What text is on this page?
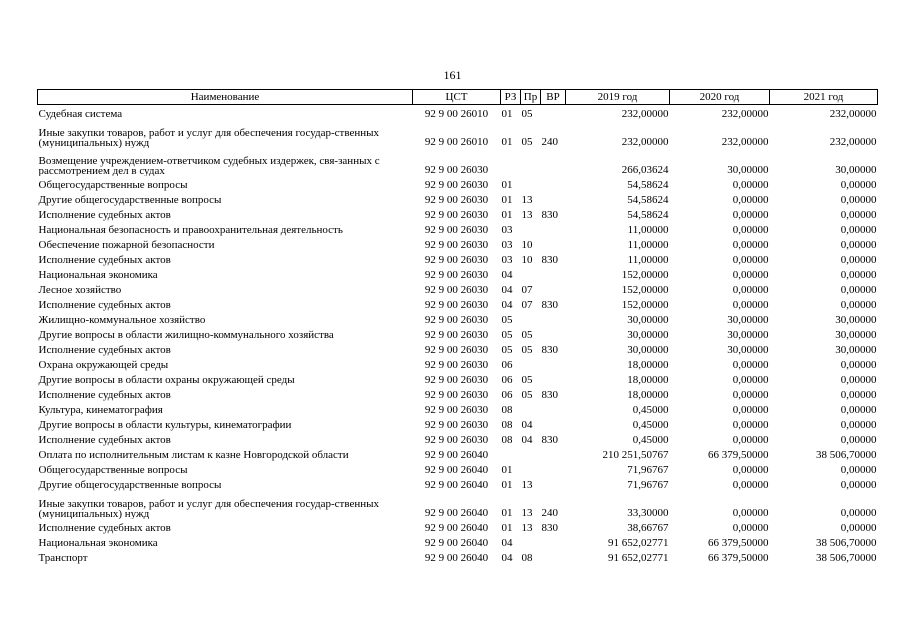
161
Наименование	ЦСТ	РЗ	Пр	ВР	2019 год	2020 год	2021 год
Судебная система	92 9 00 26010	01	05		232,00000	232,00000	232,00000
Иные закупки товаров, работ и услуг для обеспечения государ-ственных (муниципальных) нужд	92 9 00 26010	01	05	240	232,00000	232,00000	232,00000
Возмещение учреждением-ответчиком судебных издержек, свя-занных с рассмотрением дел в судах	92 9 00 26030				266,03624	30,00000	30,00000
Общегосударственные вопросы	92 9 00 26030	01			54,58624	0,00000	0,00000
Другие общегосударственные вопросы	92 9 00 26030	01	13		54,58624	0,00000	0,00000
Исполнение судебных актов	92 9 00 26030	01	13	830	54,58624	0,00000	0,00000
Национальная безопасность и правоохранительная деятельность	92 9 00 26030	03			11,00000	0,00000	0,00000
Обеспечение пожарной безопасности	92 9 00 26030	03	10		11,00000	0,00000	0,00000
Исполнение судебных актов	92 9 00 26030	03	10	830	11,00000	0,00000	0,00000
Национальная экономика	92 9 00 26030	04			152,00000	0,00000	0,00000
Лесное хозяйство	92 9 00 26030	04	07		152,00000	0,00000	0,00000
Исполнение судебных актов	92 9 00 26030	04	07	830	152,00000	0,00000	0,00000
Жилищно-коммунальное хозяйство	92 9 00 26030	05			30,00000	30,00000	30,00000
Другие вопросы в области жилищно-коммунального хозяйства	92 9 00 26030	05	05		30,00000	30,00000	30,00000
Исполнение судебных актов	92 9 00 26030	05	05	830	30,00000	30,00000	30,00000
Охрана окружающей среды	92 9 00 26030	06			18,00000	0,00000	0,00000
Другие вопросы в области охраны окружающей среды	92 9 00 26030	06	05		18,00000	0,00000	0,00000
Исполнение судебных актов	92 9 00 26030	06	05	830	18,00000	0,00000	0,00000
Культура, кинематография	92 9 00 26030	08			0,45000	0,00000	0,00000
Другие вопросы в области культуры, кинематографии	92 9 00 26030	08	04		0,45000	0,00000	0,00000
Исполнение судебных актов	92 9 00 26030	08	04	830	0,45000	0,00000	0,00000
Оплата по исполнительным листам к казне Новгородской области	92 9 00 26040				210 251,50767	66 379,50000	38 506,70000
Общегосударственные вопросы	92 9 00 26040	01			71,96767	0,00000	0,00000
Другие общегосударственные вопросы	92 9 00 26040	01	13		71,96767	0,00000	0,00000
Иные закупки товаров, работ и услуг для обеспечения государ-ственных (муниципальных) нужд	92 9 00 26040	01	13	240	33,30000	0,00000	0,00000
Исполнение судебных актов	92 9 00 26040	01	13	830	38,66767	0,00000	0,00000
Национальная экономика	92 9 00 26040	04			91 652,02771	66 379,50000	38 506,70000
Транспорт	92 9 00 26040	04	08		91 652,02771	66 379,50000	38 506,70000
